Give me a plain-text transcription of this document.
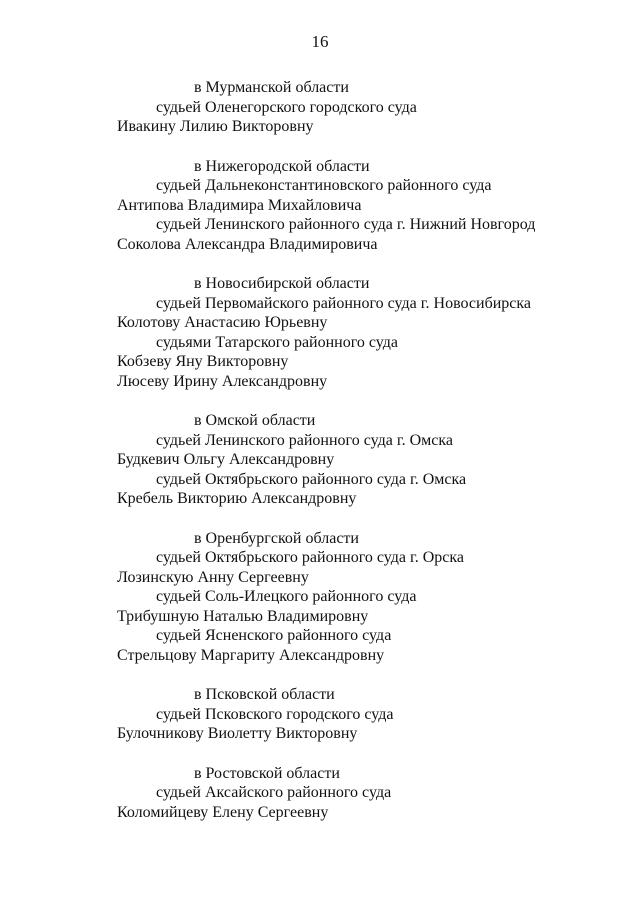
16
в Мурманской области
судьей Оленегорского городского суда
Ивакину Лилию Викторовну
в Нижегородской области
судьей Дальнеконстантиновского районного суда
Антипова Владимира Михайловича
судьей Ленинского районного суда г. Нижний Новгород
Соколова Александра Владимировича
в Новосибирской области
судьей Первомайского районного суда г. Новосибирска
Колотову Анастасию Юрьевну
судьями Татарского районного суда
Кобзеву Яну Викторовну
Люсеву Ирину Александровну
в Омской области
судьей Ленинского районного суда г. Омска
Будкевич Ольгу Александровну
судьей Октябрьского районного суда г. Омска
Кребель Викторию Александровну
в Оренбургской области
судьей Октябрьского районного суда г. Орска
Лозинскую Анну Сергеевну
судьей Соль-Илецкого районного суда
Трибушную Наталью Владимировну
судьей Ясненского районного суда
Стрельцову Маргариту Александровну
в Псковской области
судьей Псковского городского суда
Булочникову Виолетту Викторовну
в Ростовской области
судьей Аксайского районного суда
Коломийцеву Елену Сергеевну
